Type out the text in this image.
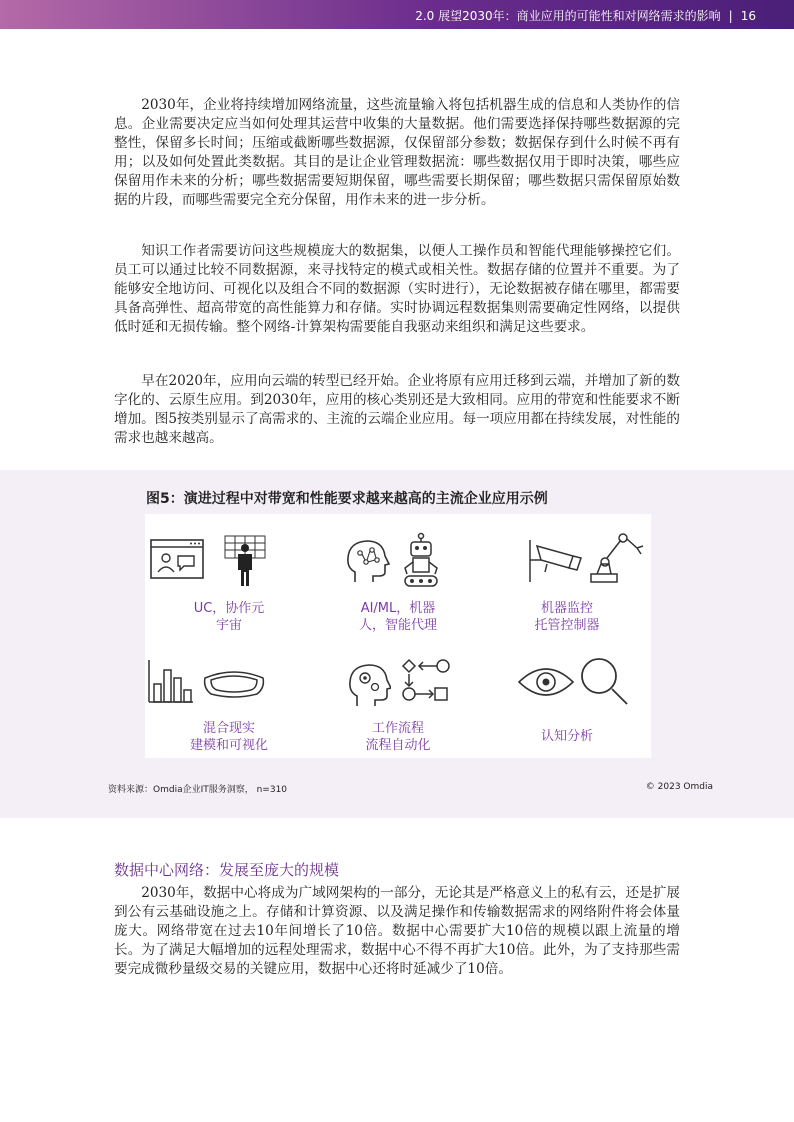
2.0 展望2030年：商业应用的可能性和对网络需求的影响 | 16

2030年，企业将持续增加网络流量，这些流量输入将包括机器生成的信息和人类协作的信息。企业需要决定应当如何处理其运营中收集的大量数据。他们需要选择保持哪些数据源的完整性，保留多长时间；压缩或截断哪些数据源，仅保留部分参数；数据保存到什么时候不再有用；以及如何处置此类数据。其目的是让企业管理数据流：哪些数据仅用于即时决策，哪些应保留用作未来的分析；哪些数据需要短期保留，哪些需要长期保留；哪些数据只需保留原始数据的片段，而哪些需要完全充分保留，用作未来的进一步分析。

知识工作者需要访问这些规模庞大的数据集，以便人工操作员和智能代理能够操控它们。员工可以通过比较不同数据源，来寻找特定的模式或相关性。数据存储的位置并不重要。为了能够安全地访问、可视化以及组合不同的数据源（实时进行），无论数据被存储在哪里，都需要具备高弹性、超高带宽的高性能算力和存储。实时协调远程数据集则需要确定性网络，以提供低时延和无损传输。整个网络-计算架构需要能自我驱动来组织和满足这些要求。

早在2020年，应用向云端的转型已经开始。企业将原有应用迁移到云端，并增加了新的数字化的、云原生应用。到2030年，应用的核心类别还是大致相同。应用的带宽和性能要求不断增加。图5按类别显示了高需求的、主流的云端企业应用。每一项应用都在持续发展，对性能的需求也越来越高。

图5：演进过程中对带宽和性能要求越来越高的主流企业应用示例
UC，协作元
宇宙
AI/ML，机器
人，智能代理
机器监控
托管控制器
混合现实
建模和可视化
工作流程
流程自动化
认知分析
资料来源：Omdia企业IT服务洞察， n=310	© 2023 Omdia
数据中心网络：发展至庞大的规模

2030年，数据中心将成为广域网架构的一部分，无论其是严格意义上的私有云，还是扩展到公有云基础设施之上。存储和计算资源、以及满足操作和传输数据需求的网络附件将会体量庞大。网络带宽在过去10年间增长了10倍。数据中心需要扩大10倍的规模以跟上流量的增长。为了满足大幅增加的远程处理需求，数据中心不得不再扩大10倍。此外，为了支持那些需要完成微秒量级交易的关键应用，数据中心还将时延减少了10倍。
